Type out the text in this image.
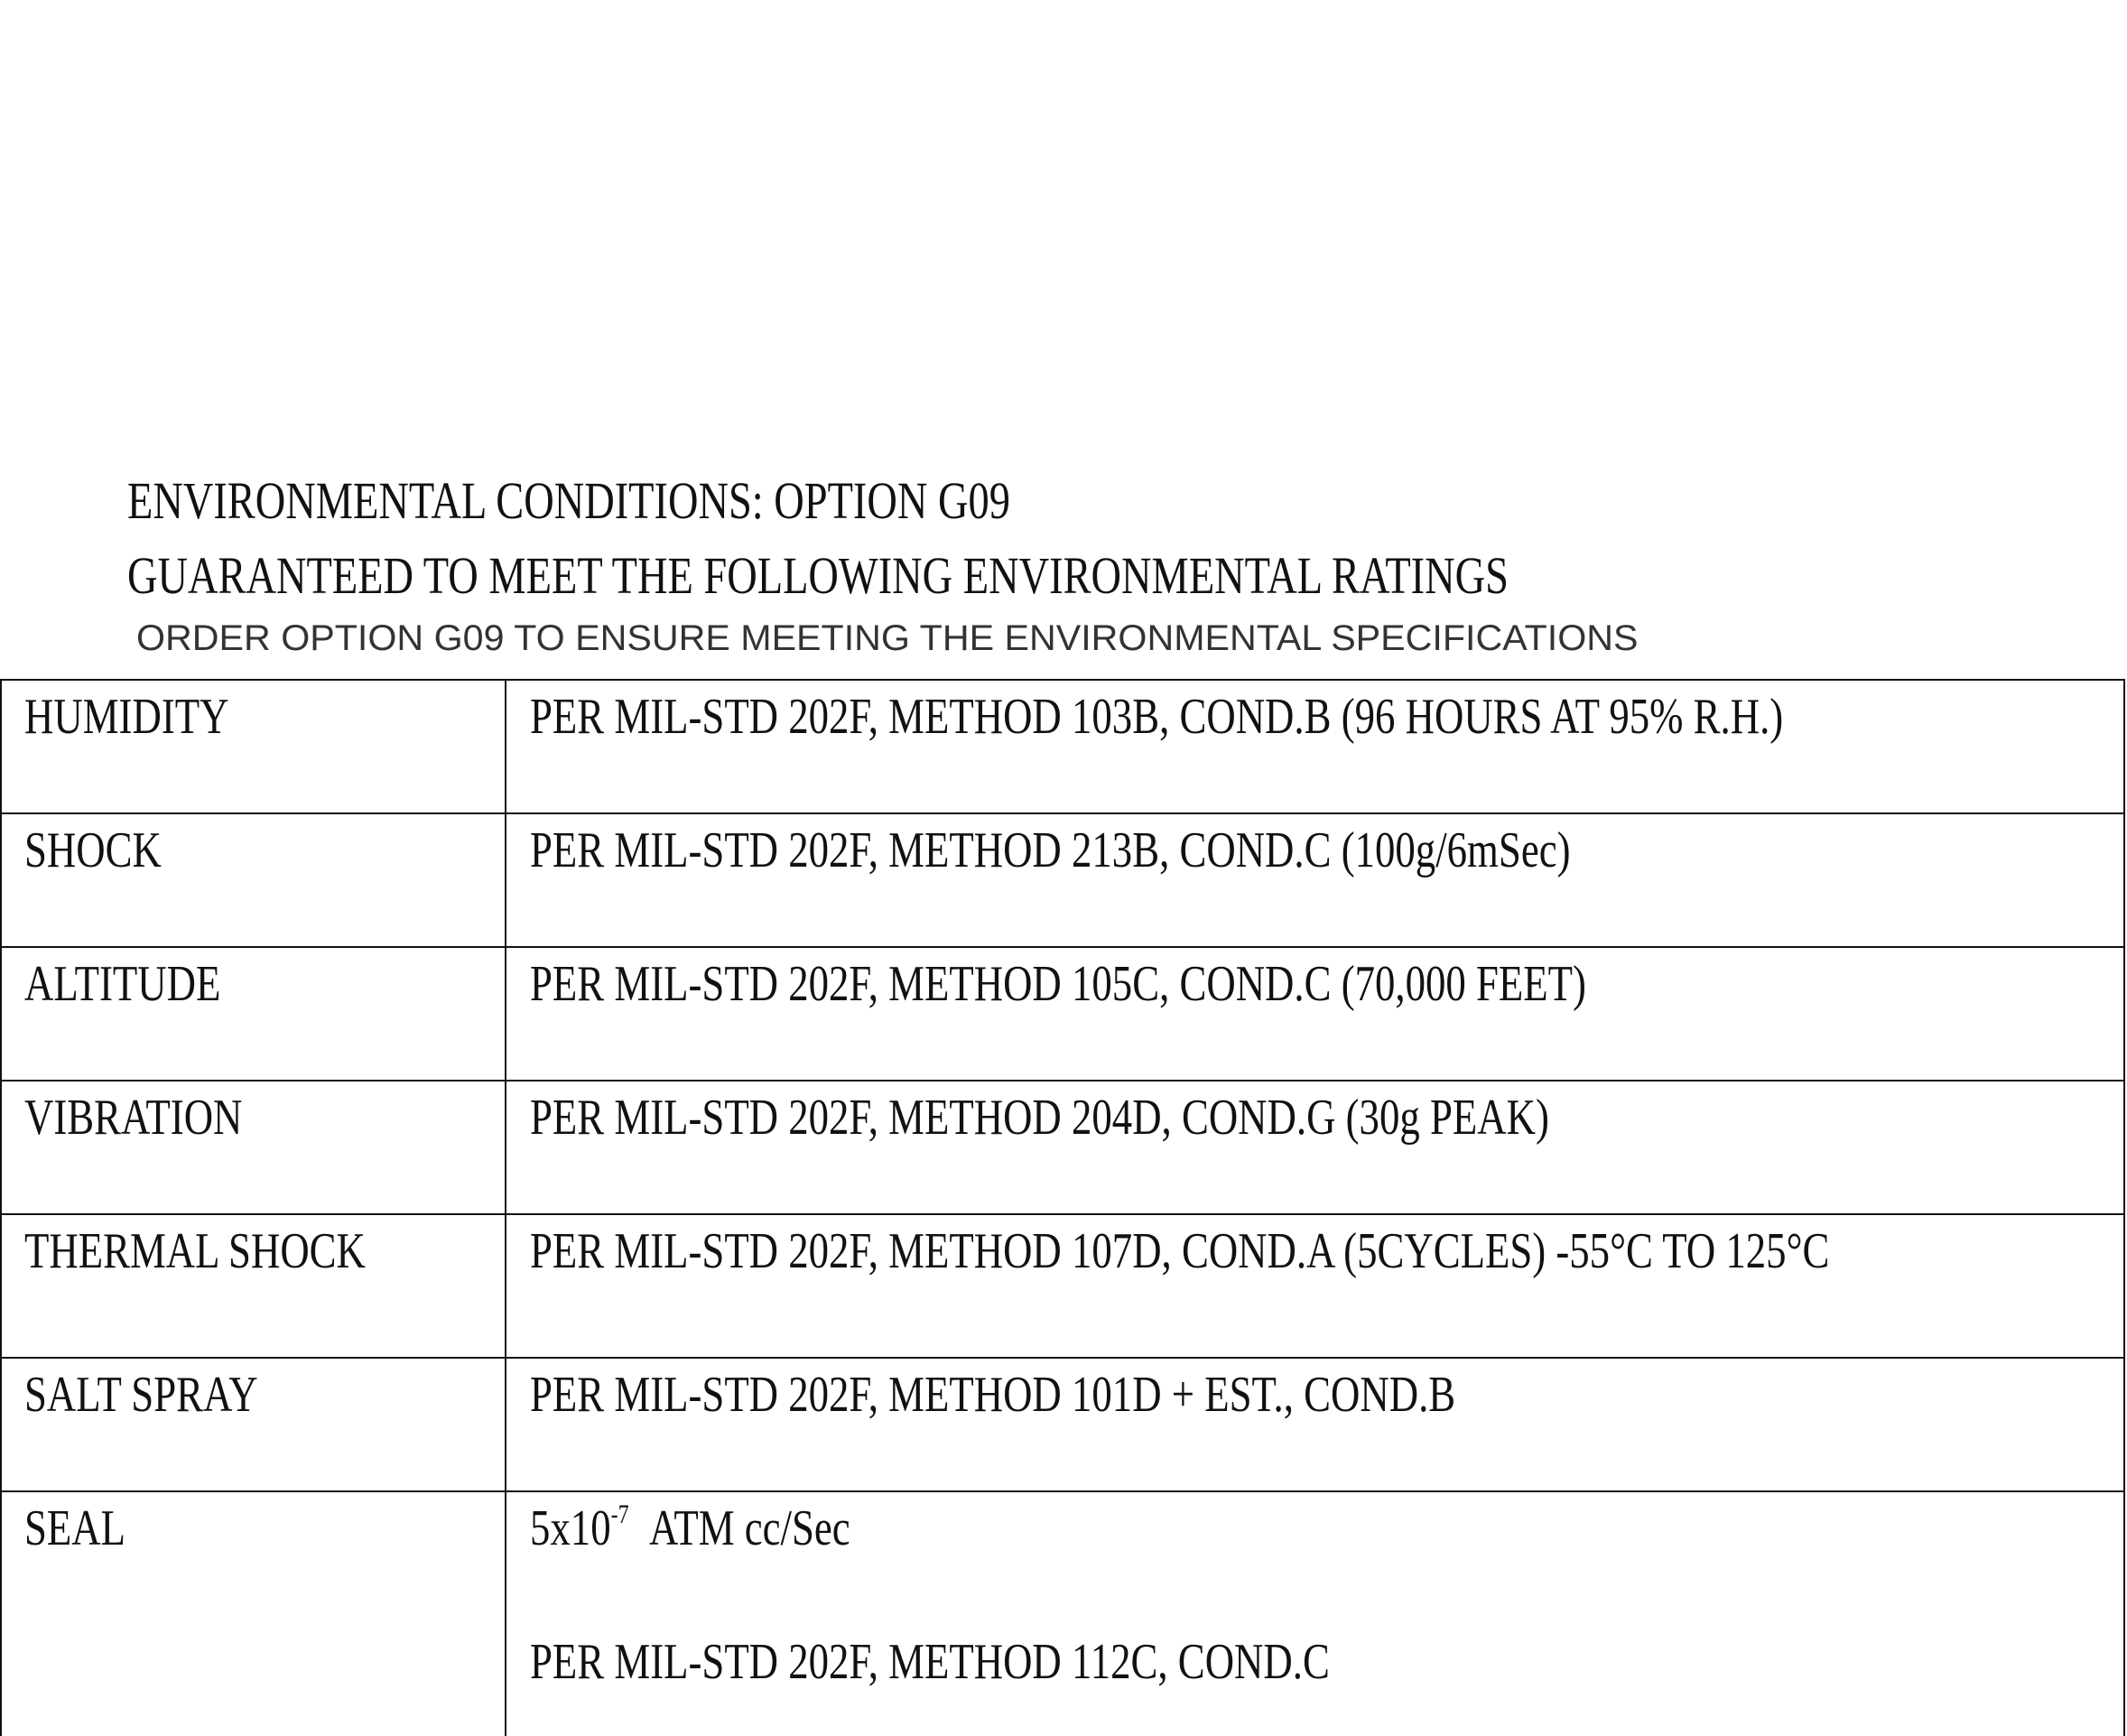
ENVIRONMENTAL CONDITIONS: OPTION G09
GUARANTEED TO MEET THE FOLLOWING ENVIRONMENTAL RATINGS

ORDER OPTION G09 TO ENSURE MEETING THE ENVIRONMENTAL SPECIFICATIONS

HUMIDITY	PER MIL-STD 202F, METHOD 103B, COND.B (96 HOURS AT 95% R.H.)
SHOCK	PER MIL-STD 202F, METHOD 213B, COND.C (100g/6mSec)
ALTITUDE	PER MIL-STD 202F, METHOD 105C, COND.C (70,000 FEET)
VIBRATION	PER MIL-STD 202F, METHOD 204D, COND.G (30g PEAK)
THERMAL SHOCK	PER MIL-STD 202F, METHOD 107D, COND.A (5CYCLES) -55°C TO 125°C
SALT SPRAY	PER MIL-STD 202F, METHOD 101D + EST., COND.B
SEAL	$5x10^{-7}$ ATM cc/Sec
PER MIL-STD 202F, METHOD 112C, COND.C
